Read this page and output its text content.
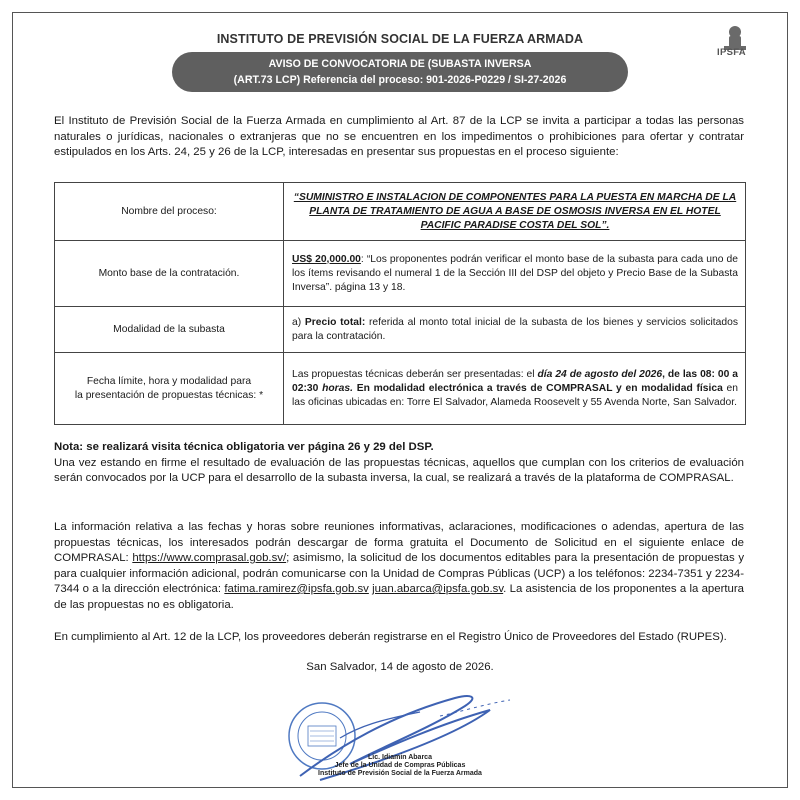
INSTITUTO DE PREVISIÓN SOCIAL DE LA FUERZA ARMADA
IPSFA
AVISO DE CONVOCATORIA DE (SUBASTA INVERSA
(ART.73 LCP) Referencia del proceso: 901-2026-P0229 / SI-27-2026
El Instituto de Previsión Social de la Fuerza Armada en cumplimiento al Art. 87 de la LCP se invita a participar a todas las personas naturales o jurídicas, nacionales o extranjeras que no se encuentren en los impedimentos o prohibiciones para ofertar y contratar estipulados en los Arts. 24, 25 y 26 de la LCP, interesadas en presentar sus propuestas en el proceso siguiente:
Nombre del proceso:	“SUMINISTRO E INSTALACION DE COMPONENTES PARA LA PUESTA EN MARCHA DE LA PLANTA DE TRATAMIENTO DE AGUA A BASE DE OSMOSIS INVERSA EN EL HOTEL PACIFIC PARADISE COSTA DEL SOL”.
Monto base de la contratación.	US$ 20,000.00: “Los proponentes podrán verificar el monto base de la subasta para cada uno de los ítems revisando el numeral 1 de la Sección III del DSP del objeto y Precio Base de la Subasta Inversa”. página 13 y 18.
Modalidad de la subasta	a) Precio total: referida al monto total inicial de la subasta de los bienes y servicios solicitados para la contratación.
Fecha límite, hora y modalidad para
la presentación de propuestas técnicas: *	Las propuestas técnicas deberán ser presentadas: el día 24 de agosto del 2026, de las 08: 00 a 02:30 horas. En modalidad electrónica a través de COMPRASAL y en modalidad física en las oficinas ubicadas en: Torre El Salvador, Alameda Roosevelt y 55 Avenda Norte, San Salvador.
Nota: se realizará visita técnica obligatoria ver página 26 y 29 del DSP.
Una vez estando en firme el resultado de evaluación de las propuestas técnicas, aquellos que cumplan con los criterios de evaluación serán convocados por la UCP para el desarrollo de la subasta inversa, la cual, se realizará a través de la plataforma de COMPRASAL.
La información relativa a las fechas y horas sobre reuniones informativas, aclaraciones, modificaciones o adendas, apertura de las propuestas técnicas, los interesados podrán descargar de forma gratuita el Documento de Solicitud en el siguiente enlace de COMPRASAL: https://www.comprasal.gob.sv/; asimismo, la solicitud de los documentos editables para la presentación de propuestas y para cualquier información adicional, podrán comunicarse con la Unidad de Compras Públicas (UCP) a los teléfonos: 2234-7351 y 2234-7344 o a la dirección electrónica: fatima.ramirez@ipsfa.gob.sv juan.abarca@ipsfa.gob.sv. La asistencia de los proponentes a la apertura de las propuestas no es obligatoria.
En cumplimiento al Art. 12 de la LCP, los proveedores deberán registrarse en el Registro Único de Proveedores del Estado (RUPES).
San Salvador, 14 de agosto de 2026.
Lic. Idiamin Abarca
Jefe de la Unidad de Compras Públicas
Instituto de Previsión Social de la Fuerza Armada
